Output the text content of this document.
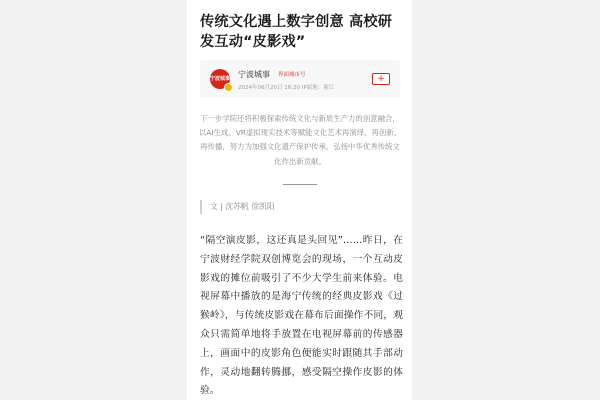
传统文化遇上数字创意 高校研发互动“皮影戏”
宁波城事 宁波城事 界面城市号
2024年06月20日 16:20 IP属地：浙江
+
下一步学院还将积极探索传统文化与新质生产力的创意融合，以AI生成、VR虚拟现实技术等赋能文化艺术再演绎、再创新、再传播，努力为加强文化遗产保护传承，弘扬中华优秀传统文化作出新贡献。
文 | 沈苏帆 徐凯阳
“隔空演皮影，这还真是头回见”……昨日，在宁波财经学院双创博览会的现场，一个互动皮影戏的摊位前吸引了不少大学生前来体验。电视屏幕中播放的是海宁传统的经典皮影戏《过猴岭》，与传统皮影戏在幕布后面操作不同，观众只需简单地将手放置在电视屏幕前的传感器上，画面中的皮影角色便能实时跟随其手部动作，灵动地翻转腾挪，感受隔空操作皮影的体验。
